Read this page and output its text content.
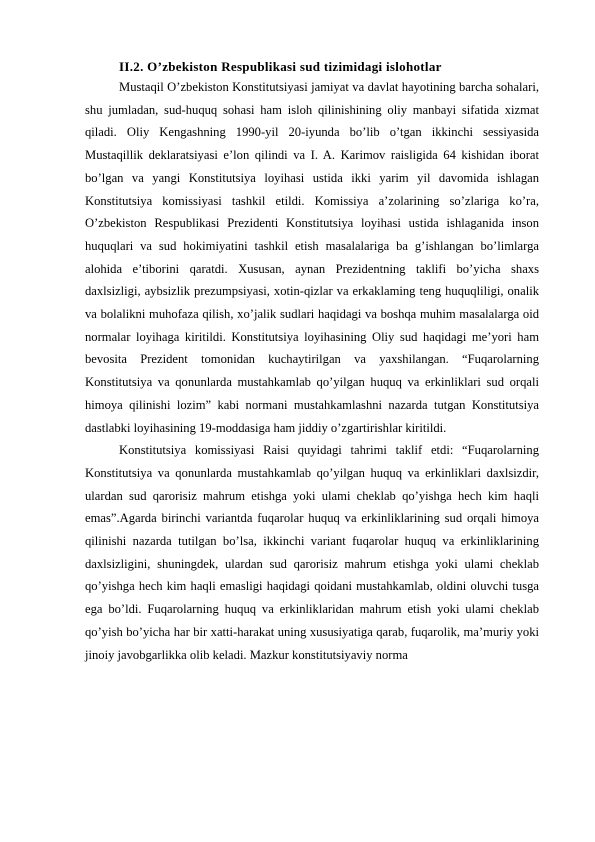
II.2. O’zbekiston Respublikasi sud tizimidagi islohotlar

Mustaqil O’zbekiston Konstitutsiyasi jamiyat va davlat hayotining barcha sohalari, shu jumladan, sud-huquq sohasi ham isloh qilinishining oliy manbayi sifatida xizmat qiladi. Oliy Kengashning 1990-yil 20-iyunda bo’lib o’tgan ikkinchi sessiyasida Mustaqillik deklaratsiyasi e’lon qilindi va I. A. Karimov raisligida 64 kishidan iborat bo’lgan va yangi Konstitutsiya loyihasi ustida ikki yarim yil davomida ishlagan Konstitutsiya komissiyasi tashkil etildi. Komissiya a’zolarining so’zlariga ko’ra, O’zbekiston Respublikasi Prezidenti Konstitutsiya loyihasi ustida ishlaganida inson huquqlari va sud hokimiyatini tashkil etish masalalariga ba g’ishlangan bo’limlarga alohida e’tiborini qaratdi. Xususan, aynan Prezidentning taklifi bo’yicha shaxs daxlsizligi, aybsizlik prezumpsiyasi, xotin-qizlar va erkaklaming teng huquqliligi, onalik va bolalikni muhofaza qilish, xo’jalik sudlari haqidagi va boshqa muhim masalalarga oid normalar loyihaga kiritildi. Konstitutsiya loyihasining Oliy sud haqidagi me’yori ham bevosita Prezident tomonidan kuchaytirilgan va yaxshilangan. “Fuqarolarning Konstitutsiya va qonunlarda mustahkamlab qo’yilgan huquq va erkinliklari sud orqali himoya qilinishi lozim” kabi normani mustahkamlashni nazarda tutgan Konstitutsiya dastlabki loyihasining 19-moddasiga ham jiddiy o’zgartirishlar kiritildi.

Konstitutsiya komissiyasi Raisi quyidagi tahrimi taklif etdi: “Fuqarolarning Konstitutsiya va qonunlarda mustahkamlab qo’yilgan huquq va erkinliklari daxlsizdir, ulardan sud qarorisiz mahrum etishga yoki ulami cheklab qo’yishga hech kim haqli emas”.Agarda birinchi variantda fuqarolar huquq va erkinliklarining sud orqali himoya qilinishi nazarda tutilgan bo’lsa, ikkinchi variant fuqarolar huquq va erkinliklarining daxlsizligini, shuningdek, ulardan sud qarorisiz mahrum etishga yoki ulami cheklab qo’yishga hech kim haqli emasligi haqidagi qoidani mustahkamlab, oldini oluvchi tusga ega bo’ldi. Fuqarolarning huquq va erkinliklaridan mahrum etish yoki ulami cheklab qo’yish bo’yicha har bir xatti-harakat uning xususiyatiga qarab, fuqarolik, ma’muriy yoki jinoiy javobgarlikka olib keladi. Mazkur konstitutsiyaviy norma
